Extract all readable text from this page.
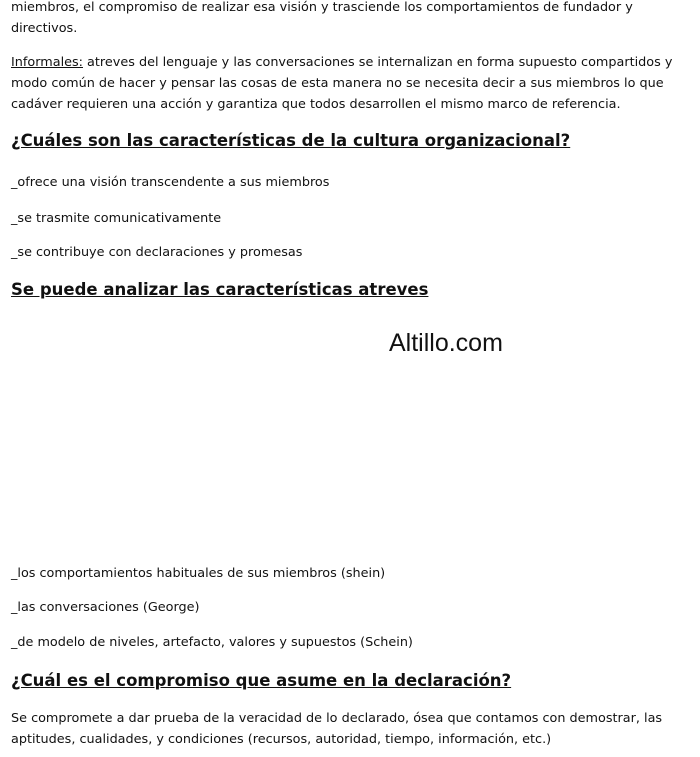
miembros, el compromiso de realizar esa visión y trasciende los comportamientos de fundador y directivos.

Informales: atreves del lenguaje y las conversaciones se internalizan en forma supuesto compartidos y modo común de hacer y pensar las cosas de esta manera no se necesita decir a sus miembros lo que cadáver requieren una acción y garantiza que todos desarrollen el mismo marco de referencia.

¿Cuáles son las características de la cultura organizacional?

_ofrece una visión transcendente a sus miembros

_se trasmite comunicativamente

_se contribuye con declaraciones y promesas

Se puede analizar las características atreves
Altillo.com

_los comportamientos habituales de sus miembros (shein)

_las conversaciones (George)

_de modelo de niveles, artefacto, valores y supuestos (Schein)

¿Cuál es el compromiso que asume en la declaración?

Se compromete a dar prueba de la veracidad de lo declarado, ósea que contamos con demostrar, las aptitudes, cualidades, y condiciones (recursos, autoridad, tiempo, información, etc.)
